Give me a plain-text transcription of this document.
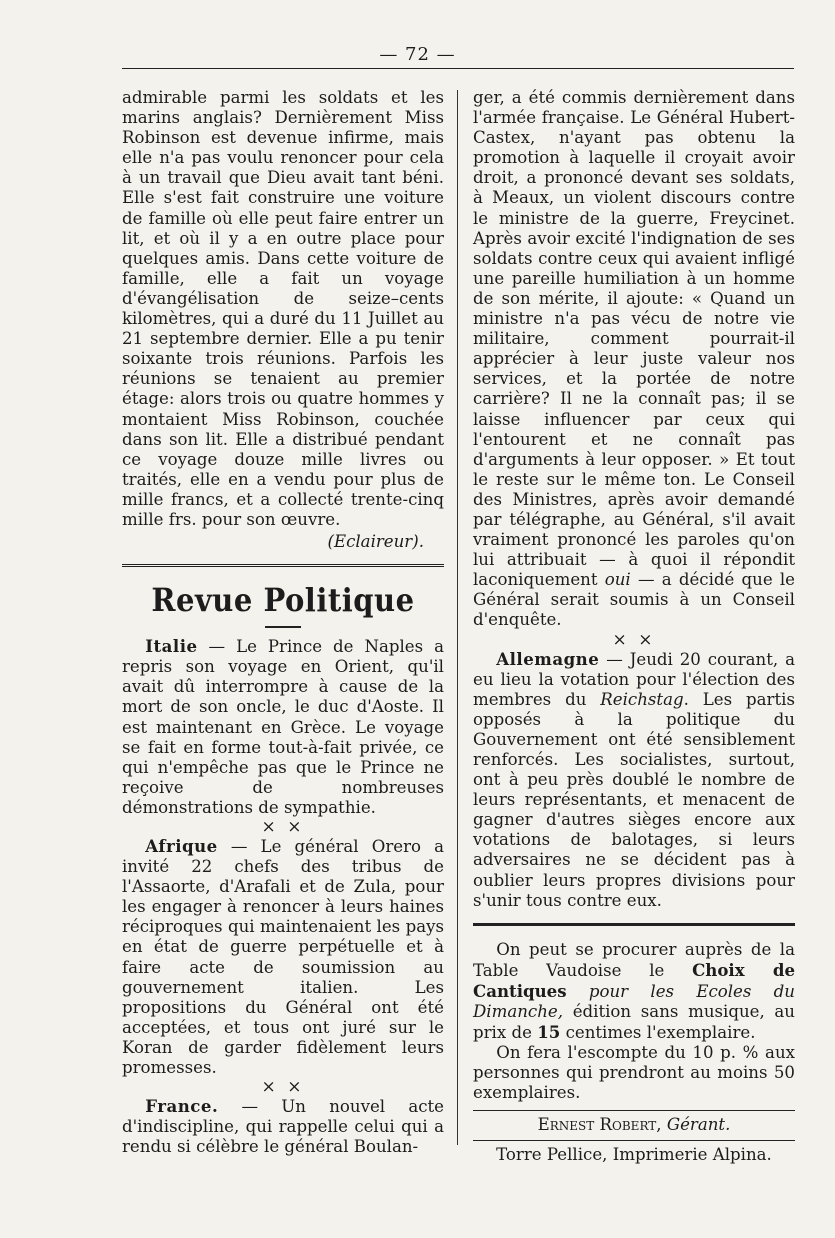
— 72 —

admirable parmi les soldats et les marins anglais? Dernièrement Miss Robinson est devenue infirme, mais elle n'a pas voulu renoncer pour cela à un travail que Dieu avait tant béni. Elle s'est fait construire une voiture de famille où elle peut faire entrer un lit, et où il y a en outre place pour quelques amis. Dans cette voiture de famille, elle a fait un voyage d'évangélisation de seize–cents kilomètres, qui a duré du 11 Juillet au 21 septembre dernier. Elle a pu tenir soixante trois réunions. Parfois les réunions se tenaient au premier étage: alors trois ou quatre hommes y montaient Miss Robinson, couchée dans son lit. Elle a distribué pendant ce voyage douze mille livres ou traités, elle en a vendu pour plus de mille francs, et a collecté trente-cinq mille frs. pour son œuvre.

(Eclaireur).

Revue Politique

Italie — Le Prince de Naples a repris son voyage en Orient, qu'il avait dû interrompre à cause de la mort de son oncle, le duc d'Aoste. Il est maintenant en Grèce. Le voyage se fait en forme tout-à-fait privée, ce qui n'empêche pas que le Prince ne reçoive de nombreuses démonstrations de sympathie.

× ×

Afrique — Le général Orero a invité 22 chefs des tribus de l'Assaorte, d'Arafali et de Zula, pour les engager à renoncer à leurs haines réciproques qui maintenaient les pays en état de guerre perpétuelle et à faire acte de soumission au gouvernement italien. Les propositions du Général ont été acceptées, et tous ont juré sur le Koran de garder fidèlement leurs promesses.

× ×

France. — Un nouvel acte d'indiscipline, qui rappelle celui qui a rendu si célèbre le général Boulan-

ger, a été commis dernièrement dans l'armée française. Le Général Hubert-Castex, n'ayant pas obtenu la promotion à laquelle il croyait avoir droit, a prononcé devant ses soldats, à Meaux, un violent discours contre le ministre de la guerre, Freycinet. Après avoir excité l'indignation de ses soldats contre ceux qui avaient infligé une pareille humiliation à un homme de son mérite, il ajoute: « Quand un ministre n'a pas vécu de notre vie militaire, comment pourrait-il apprécier à leur juste valeur nos services, et la portée de notre carrière? Il ne la connaît pas; il se laisse influencer par ceux qui l'entourent et ne connaît pas d'arguments à leur opposer. » Et tout le reste sur le même ton. Le Conseil des Ministres, après avoir demandé par télégraphe, au Général, s'il avait vraiment prononcé les paroles qu'on lui attribuait — à quoi il répondit laconiquement oui — a décidé que le Général serait soumis à un Conseil d'enquête.

× ×

Allemagne — Jeudi 20 courant, a eu lieu la votation pour l'élection des membres du Reichstag. Les partis opposés à la politique du Gouvernement ont été sensiblement renforcés. Les socialistes, surtout, ont à peu près doublé le nombre de leurs représentants, et menacent de gagner d'autres sièges encore aux votations de balotages, si leurs adversaires ne se décident pas à oublier leurs propres divisions pour s'unir tous contre eux.

On peut se procurer auprès de la Table Vaudoise le Choix de Cantiques pour les Ecoles du Dimanche, édition sans musique, au prix de 15 centimes l'exemplaire.

On fera l'escompte du 10 p. % aux personnes qui prendront au moins 50 exemplaires.

Ernest Robert, Gérant.
Torre Pellice, Imprimerie Alpina.
